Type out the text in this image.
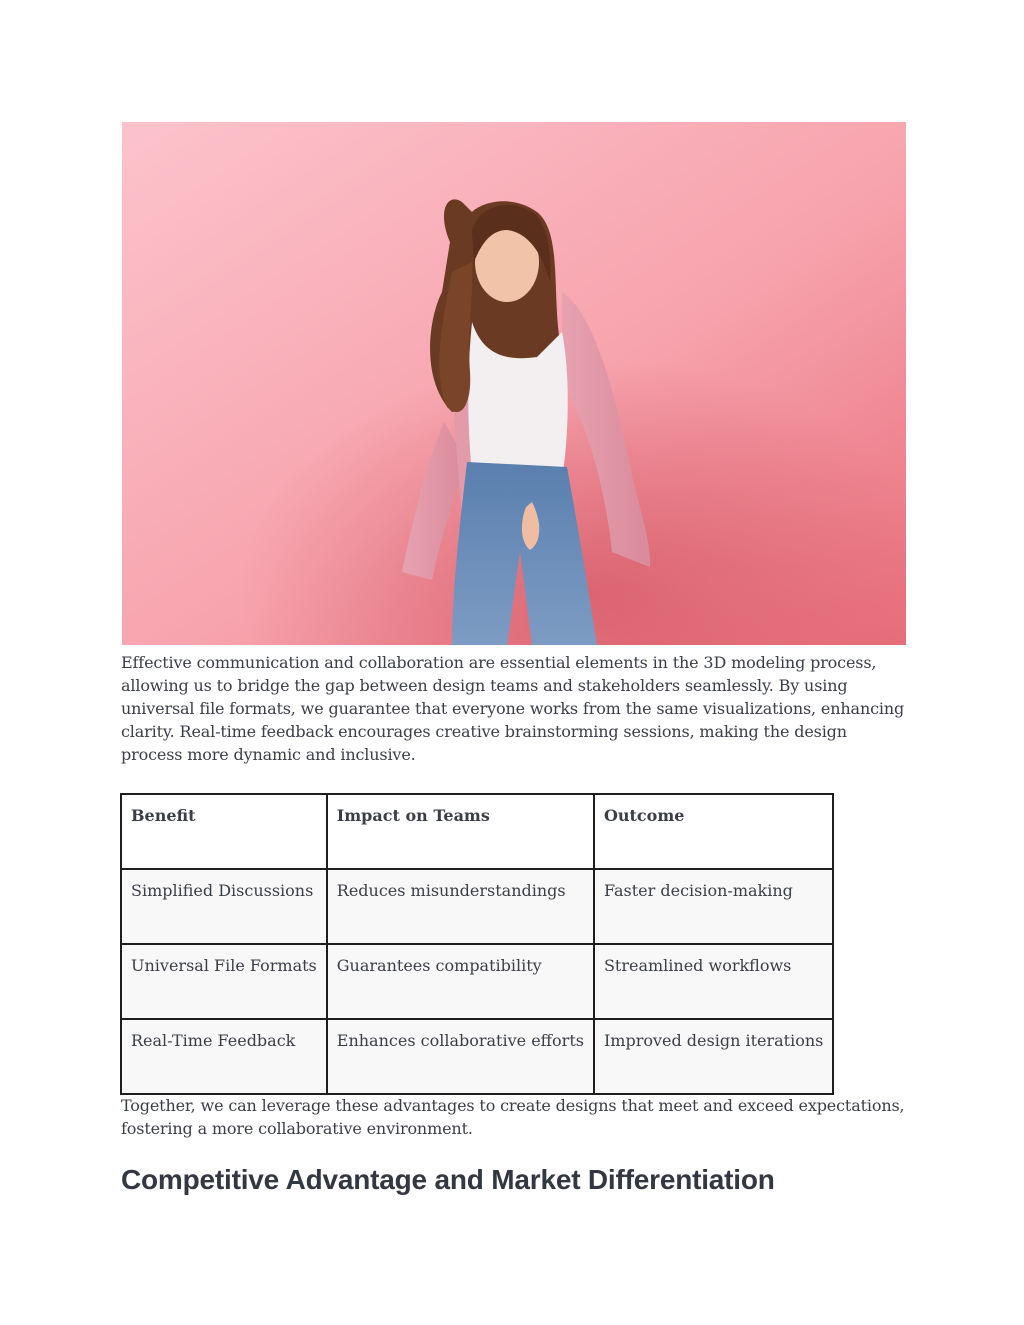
Effective communication and collaboration are essential elements in the 3D modeling process, allowing us to bridge the gap between design teams and stakeholders seamlessly. By using universal file formats, we guarantee that everyone works from the same visualizations, enhancing clarity. Real-time feedback encourages creative brainstorming sessions, making the design process more dynamic and inclusive.

Benefit	Impact on Teams	Outcome
Simplified Discussions	Reduces misunderstandings	Faster decision-making
Universal File Formats	Guarantees compatibility	Streamlined workflows
Real-Time Feedback	Enhances collaborative efforts	Improved design iterations

Together, we can leverage these advantages to create designs that meet and exceed expectations, fostering a more collaborative environment.

Competitive Advantage and Market Differentiation
